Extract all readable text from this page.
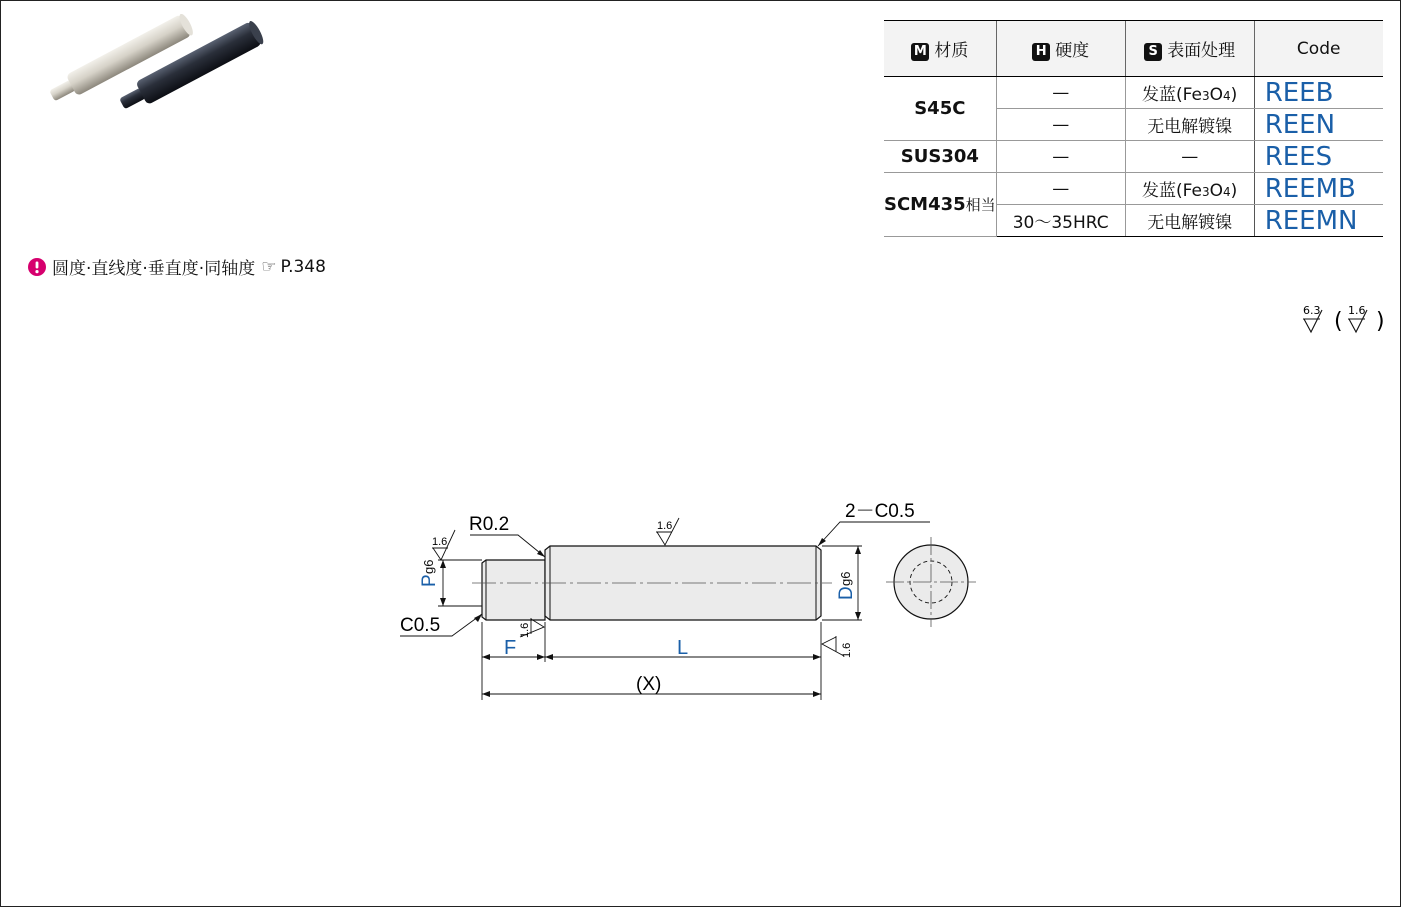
M 材质	H 硬度	S 表面处理	Code
S45C	—	发蓝(Fe3O4)	REEB
	—	无电解镀镍	REEN
SUS304	—	—	REES
SCM435相当	—	发蓝(Fe3O4)	REEMB
	30～35HRC	无电解镀镍	REEMN
圆度·直线度·垂直度·同轴度 ☞ P.348
6.3 ( 1.6 )
P
g6
1.6
D
g6
R0.2
2－C0.5
C0.5
1.6
1.6
1.6
F	L
(X)
